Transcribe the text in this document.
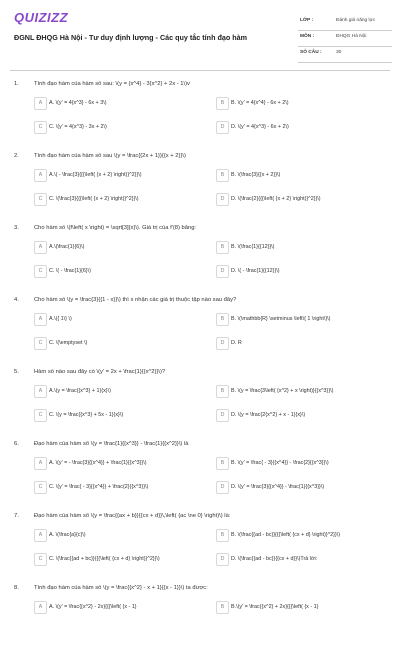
QUIZIZZ
ĐGNL ĐHQG Hà Nội - Tư duy định lượng - Các quy tắc tính đạo hàm
LỚP :	Đánh giá năng lực
MÔN :	ĐHQG Hà Nội
SỐ CÂU :	30
1.	Tính đạo hàm của hàm số sau: \(y = {x^4} - 3{x^2} + 2x - 1\)v
A	A. \(y' = 4{x^3} - 6x + 3\)	B	B. \(y' = 4{x^4} - 6x + 2\)
C	C. \(y' = 4{x^3} - 3x + 2\)	D	D. \(y' = 4{x^3} - 6x + 2\)
2.	Tính đạo hàm của hàm số sau \(y = \frac{{2x + 1}}{{x + 2}}\)
A	A.\( - \frac{3}{{{\left( {x + 2} \right)}^2}}\)	B	B. \(\frac{3}{{x + 2}}\)
C	C. \(\frac{3}{{{\left( {x + 2} \right)}^2}}\)	D	D. \(\frac{2}{{{\left( {x + 2} \right)}^2}}\)
3.	Cho hàm số \(f\left( x \right) = \sqrt[3]{x}\). Giá trị của f'(8) bằng:
A	A.\(\frac{1}{6}\)	B	B. \(\frac{1}{{12}}\)
C	C. \( - \frac{1}{6}\)	D	D. \( - \frac{1}{{12}}\)
4.	Cho hàm số \(y = \frac{3}{{1 - x}}\) thì x nhận các giá trị thuộc tập nào sau đây?
A	A.\({ 1\} \)	B	B. \(\mathbb{R} \setminus \left\{ 1 \right\}\)
C	C. \(\emptyset \)	D	D. R
5.	Hàm số nào sau đây có \(y' = 2x + \frac{1}{{x^2}}\)?
A	A.\(y = \frac{{x^3} + 1}{x}\)	B	B. \(y = \frac{3\left( {x^2} + x \right)}{{x^3}}\)
C	C. \(y = \frac{{x^3} + 5x - 1}{x}\)	D	D. \(y = \frac{2{x^2} + x - 1}{x}\)
6.	Đạo hàm của hàm số \(y = \frac{1}{{x^3}} - \frac{1}{{x^2}}\) là
A	A. \(y' = - \frac{3}{{x^4}} + \frac{1}{{x^3}}\)	B	B. \(y' = \frac{ - 3}{{x^4}} - \frac{2}{{x^3}}\)
C	C. \(y' = \frac{ - 3}{{x^4}} + \frac{2}{{x^3}}\)	D	D. \(y' = \frac{3}{{x^4}} - \frac{1}{{x^3}}\)
7.	Đạo hàm của hàm số \(y = \frac{{ax + b}}{{cx + d}}\,\left( {ac \ne 0} \right)\) là:
A	A. \(\frac{a}{c}\)	B	B. \(\frac{{ad - bc}}{{{\left( {cx + d} \right)}^2}}\)
C	C. \(\frac{{ad + bc}}{{{\left( {cx + d} \right)}^2}}\)	D	D. \(\frac{{ad - bc}}{{cx + d}}\)Trả lời:
8.	Tính đạo hàm của hàm số \(y = \frac{{x^2} - x + 1}{{x - 1}}\) ta được:
A	A. \(y' = \frac{{x^2} - 2x}{{{\left( {x - 1}	B	B.\(y' = \frac{{x^2} + 2x}{{{\left( {x - 1}
